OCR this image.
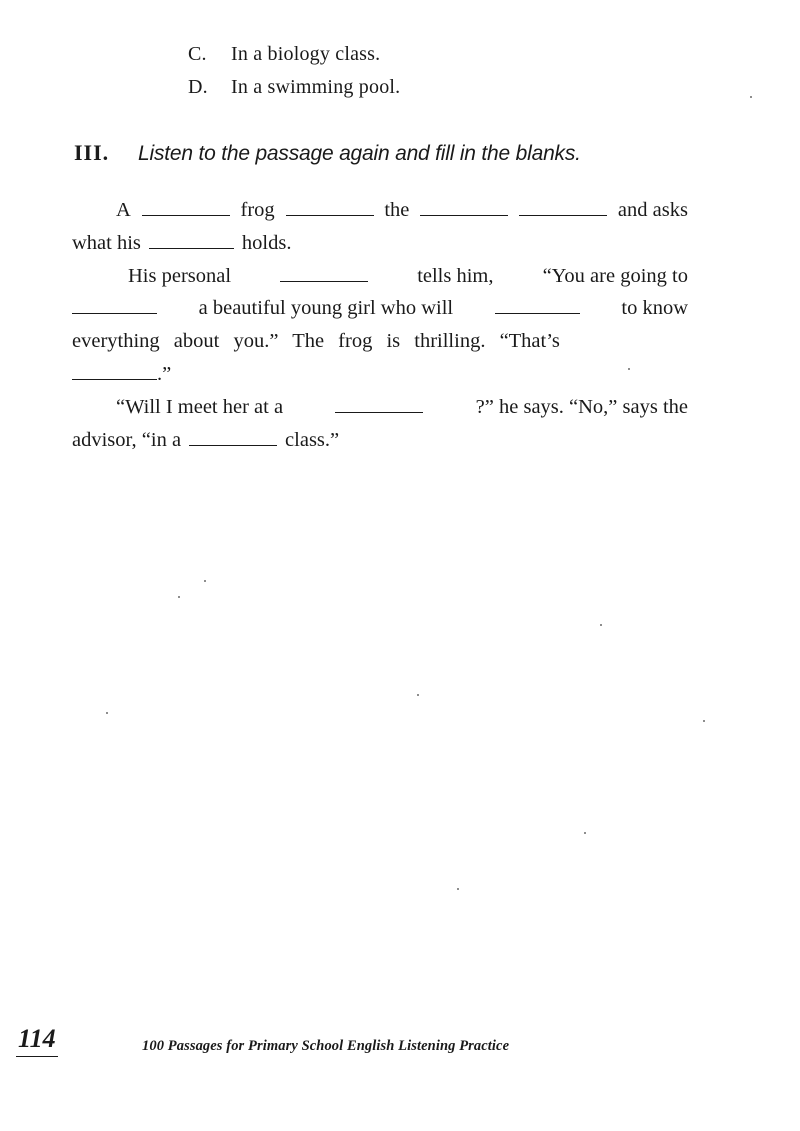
C.	In a biology class.
D.	In a swimming pool.
III.	Listen to the passage again and fill in the blanks.
A	frog	the	and asks
what his	holds.
His personal	tells him, “You are going to
a beautiful young girl who will	to know
everything about you.” The frog is thrilling. “That’s
.”
“Will I meet her at a	?” he says. “No,” says the
advisor, “in a	class.”
114	100 Passages for Primary School English Listening Practice
